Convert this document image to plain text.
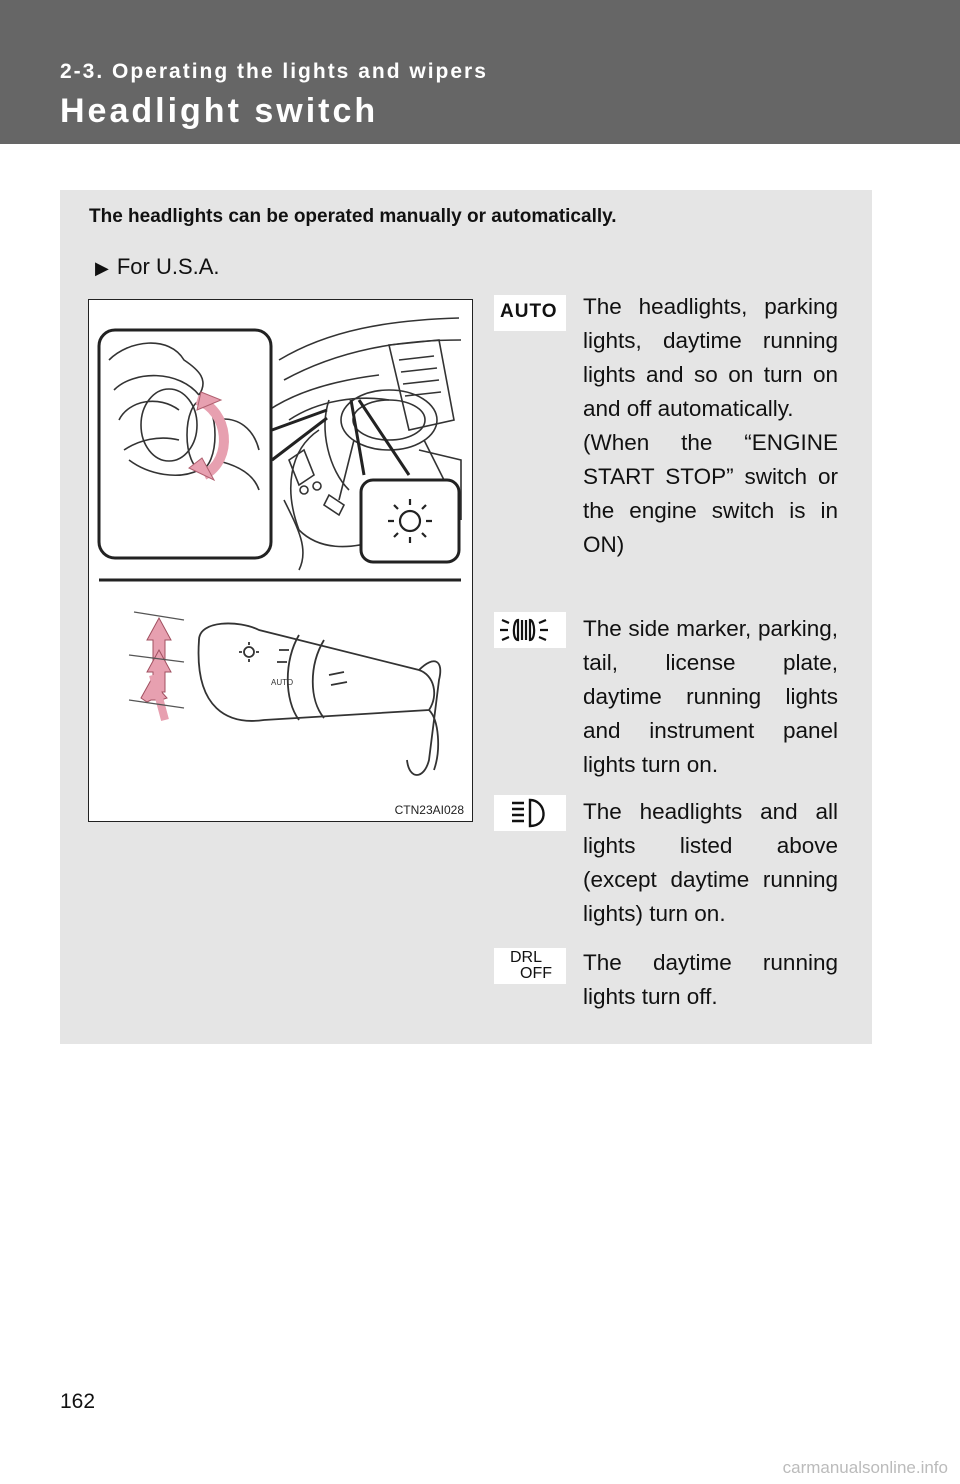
2-3. Operating the lights and wipers
Headlight switch
The headlights can be operated manually or automatically.
▶ For U.S.A.
AUTO
CTN23AI028
AUTO The headlights, parking lights, daytime running lights and so on turn on and off automatically.
(When the “ENGINE START STOP” switch or the engine switch is in ON)
The side marker, parking, tail, license plate, daytime running lights and instrument panel lights turn on.
The headlights and all lights listed above (except daytime running lights) turn on.
DRL
OFF The daytime running lights turn off.
162
carmanualsonline.info
